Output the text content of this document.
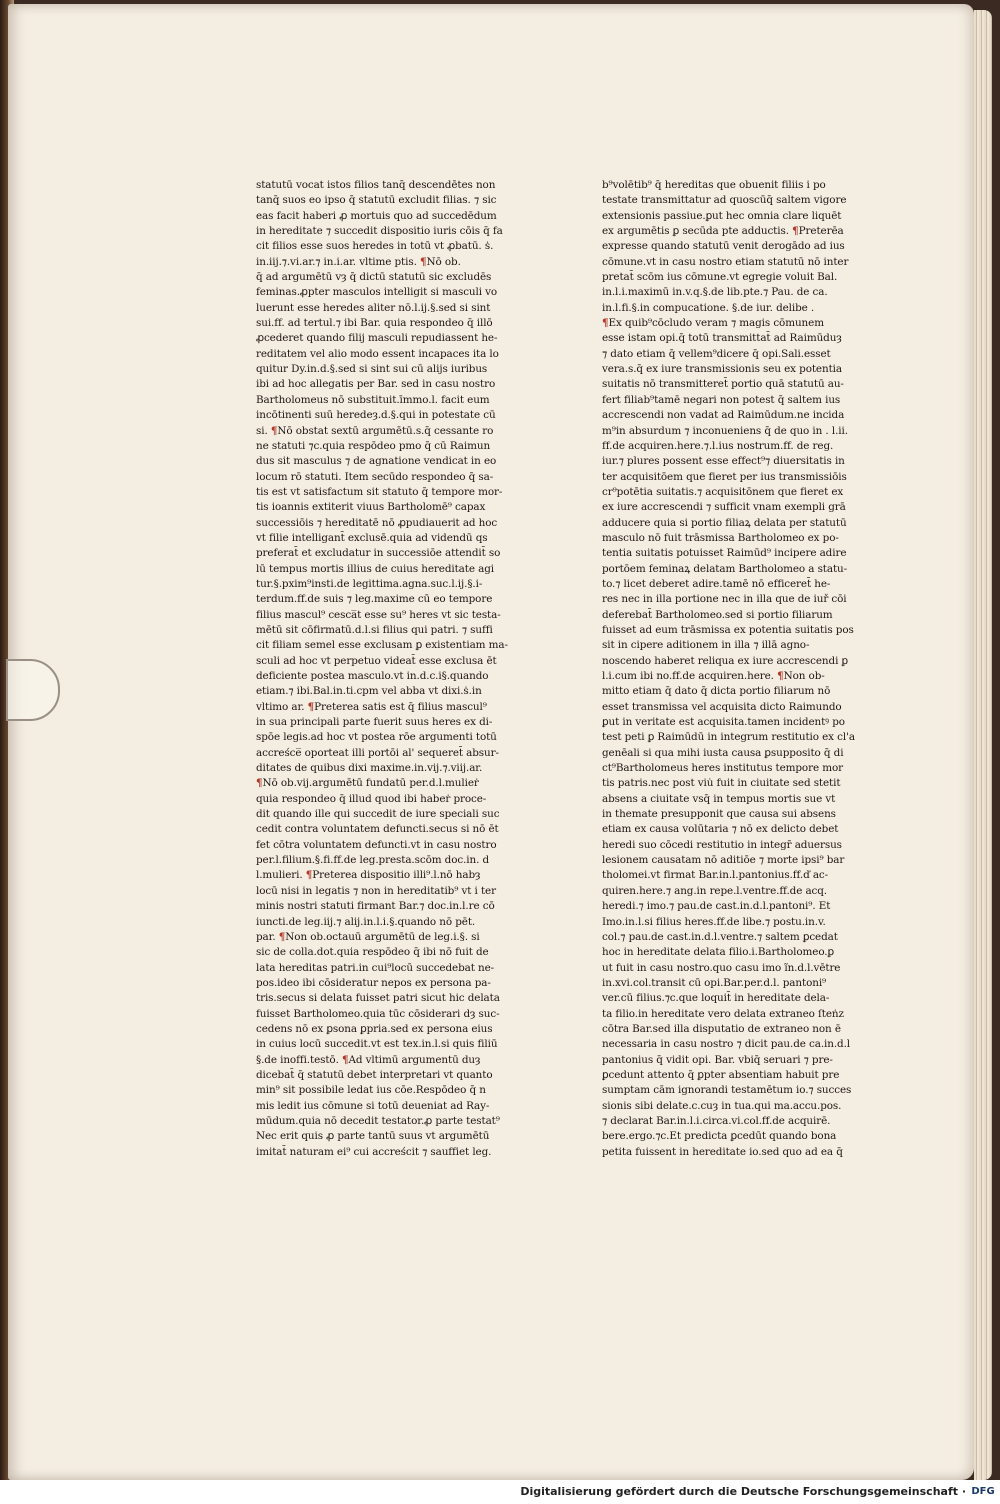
statutū vocat istos filios tanq̄ descendētes non
tanq̄ suos eo ipso q̄ statutū excludit filias. ⁊ sic
eas facit haberi ꝓ mortuis quo ad succedēdum
in hereditate ⁊ succedit dispositio iuris cōis q̄ fa
cit filios esse suos heredes in totū vt ꝓbatū. ṡ.
in.iij.⁊.vi.ar.⁊ in.i.ar. vltime ptis. ¶Nō ob.
q̄ ad argumētū vȝ q̄ dictū statutū sic excludēs
feminas.ꝓpter masculos intelligit si masculi vo
luerunt esse heredes aliter nō.l.ij.§.sed si sint
sui.ff. ad tertul.⁊ ibi Bar. quia respondeo q̄ illō
ꝓcederet quando filij masculi repudiassent he-
reditatem vel alio modo essent incapaces ita lo
quitur Dy.in.d.§.sed si sint sui cū alijs iuribus
ibi ad hoc allegatis per Bar. sed in casu nostro
Bartholomeus nō substituit.īmmo.l. facit eum
incōtinenti suū heredeȝ.d.§.qui in potestate cū
si. ¶Nō obstat sextū argumētū.s.q̄ cessante ro
ne statuti ⁊c.quia respōdeo pmo q̄ cū Raimun
dus sit masculus ⁊ de agnatione vendicat in eo
locum rō statuti. Item secūdo respondeo q̄ sa-
tis est vt satisfactum sit statuto q̄ tempore mor-
tis ioannis extiterit viuus Bartholomē⁹ capax
successiōis ⁊ hereditatē nō ꝓpudiauerit ad hoc
vt filie intelligant̄ exclusē.quia ad videndū qs
preferat̄ et excludatur in successiōe attendit̄ so
lū tempus mortis illius de cuius hereditate agi
tur.§.pxim⁹insti.de legittima.agna.suc.l.ij.§.i-
terdum.ff.de suis ⁊ leg.maxime cū eo tempore
filius mascul⁹ cesca̅t esse su⁹ heres vt sic testa-
mētū sit cōfirmatū.d.l.si filius qui patri. ⁊ suffi
cit filiam semel esse exclusam ꝑ existentiam ma-
sculi ad hoc vt perpetuo videat̄ esse exclusa ēt
deficiente postea masculo.vt in.d.c.i§.quando
etiam.⁊ ibi.Bal.in.ti.cpm vel abba vt dixi.ṡ.in
vltimo ar. ¶Preterea satis est q̄ filius mascul⁹
in sua principali parte fuerit suus heres ex di-
spōe legis.ad hoc vt postea rōe argumenti totū
accreśce̅ oporteat illi portōi al' sequeret̄ absur-
ditates de quibus dixi maxime.in.vij.⁊.viij.ar.
¶Nō ob.vij.argumētū fundatū per.d.l.mulieṙ
quia respondeo q̄ illud quod ibi habeṙ proce-
dit quando ille qui succedit de iure speciali suc
cedit contra voluntatem defuncti.secus si nō ēt
fet cōtra voluntatem defuncti.vt in casu nostro
per.l.filium.§.fi.ff.de leg.presta.scōm doc.in. d
l.mulieri. ¶Preterea dispositio illi⁹.l.nō habȝ
locū nisi in legatis ⁊ non in hereditatib⁹ vt i ter
minis nostri statuti firmant Bar.⁊ doc.in.l.re cō
iuncti.de leg.iij.⁊ alij.in.l.i.§.quando nō pēt.
par. ¶Non ob.octauū argumētū de leg.i.§. si
sic de colla.dot.quia respōdeo q̄ ibi nō fuit de
lata hereditas patri.in cui⁹locū succedebat ne-
pos.ideo ibi cōsideratur nepos ex persona pa-
tris.secus si delata fuisset patri sicut hic delata
fuisset Bartholomeo.quia tūc cōsiderari dȝ suc-
cedens nō ex ꝑsona ꝑpria.sed ex persona eius
in cuius locū succedit.vt est tex.in.l.si quis filiū
§.de inoffi.testō. ¶Ad vltimū argumentū duȝ
dicebat̄ q̄ statutū debet interpretari vt quanto
min⁹ sit possibile ledat ius cōe.Respōdeo q̄ n
mis ledit ius cōmune si totū deueniat ad Ray-
mūdum.quia nō decedit testator.ꝓ parte testat⁹
Nec erit quis ꝓ parte tantū suus vt argumētū
imitat̄ naturam ei⁹ cui accreścit ⁊ sauffiet leg.
b⁹volētib⁹ q̄ hereditas que obuenit filiis i po
testate transmittatur ad quoscūq̄ saltem vigore
extensionis passiue.ꝑut hec omnia clare liquēt
ex argumētis ꝑ secūda pte adductis. ¶Preterēa
expresse quando statutū venit derogādo ad ius
cōmune.vt in casu nostro etiam statutū nō inter
pretat̄ scōm ius cōmune.vt egregie voluit Bal.
in.l.i.maximū in.v.q.§.de lib.pte.⁊ Pau. de ca.
in.l.fi.§.in compucatione. §.de iur. delibe .
¶Ex quib⁹cōcludo veram ⁊ magis cōmunem
esse istam opi.q̄ totū transmittat̄ ad Raimūduȝ
⁊ dato etiam q̄ vellem⁹dicere q̄ opi.Sali.esset
vera.s.q̄ ex iure transmissionis seu ex potentia
suitatis nō transmitteret̄ portio quā statutū au-
fert filiab⁹tamē negari non potest q̄ saltem ius
accrescendi non vadat ad Raimūdum.ne incida
m⁹in absurdum ⁊ inconueniens q̄ de quo in . l.ii.
ff.de acquiren.here.⁊.l.ius nostrum.ff. de reg.
iur.⁊ plures possent esse effect⁹⁊ diuersitatis in
ter acquisitōem que fieret per ius transmissiōis
cr⁹potētia suitatis.⁊ acquisitōnem que fieret ex
ex iure accrescendi ⁊ sufficit vnam exempli grā
adducere quia si portio filiaꝝ delata per statutū
masculo nō fuit trāsmissa Bartholomeo ex po-
tentia suitatis potuisset Raimūd⁹ incipere adire
portōem feminaꝝ delatam Bartholomeo a statu-
to.⁊ licet deberet adire.tamē nō efficeret̄ he-
res nec in illa portione nec in illa que de iuř cōi
deferebat̄ Bartholomeo.sed si portio filiarum
fuisset ad eum trāsmissa ex potentia suitatis pos
sit in cipere aditionem in illa ⁊ illā agno-
noscendo haberet reliqua ex iure accrescendi ꝑ
l.i.cum ibi no.ff.de acquiren.here. ¶Non ob-
mitto etiam q̄ dato q̄ dicta portio filiarum nō
esset transmissa vel acquisita dicto Raimundo
ꝑut in veritate est acquisita.tamen incidentꝰ po
test peti ꝑ Raimūdū in integrum restitutio ex cl'a
genēali si qua mihi iusta causa ꝑsupposito q̄ di
ct⁹Bartholomeus heres institutus tempore mor
tis patris.nec post viu̇ fuit in ciuitate sed stetit
absens a ciuitate vsq̄ in tempus mortis sue vt
in themate presupponit que causa sui absens
etiam ex causa volūtaria ⁊ nō ex delicto debet
heredi suo cōcedi restitutio in integr̄ aduersus
lesionem causatam nō aditiōe ⁊ morte ipsi⁹ bar
tholomei.vt firmat Bar.in.l.pantonius.ff.ď ac-
quiren.here.⁊ ang.in repe.l.ventre.ff.de acq.
heredi.⁊ imo.⁊ pau.de cast.in.d.l.pantoni⁹. Et
Imo.in.l.si filius heres.ff.de libe.⁊ postu.in.v.
col.⁊ pau.de cast.in.d.l.ventre.⁊ saltem ꝑcedat
hoc in hereditate delata filio.i.Bartholomeo.ꝑ
ut fuit in casu nostro.quo casu imo ĩn.d.l.vētre
in.xvi.col.transit cū opi.Bar.per.d.l. pantoni⁹
ver.cū filius.⁊c.que loquit̄ in hereditate dela-
ta filio.in hereditate vero delata extraneo ſteṅz
cōtra Bar.sed illa disputatio de extraneo non ē
necessaria in casu nostro ⁊ dicit pau.de ca.in.d.l
pantonius q̄ vidit opi. Bar. vbiq̄ seruari ⁊ pre-
ꝑcedunt attento q̄ ꝑpter absentiam habuit pre
sumptam cām ignorandi testamētum io.⁊ succes
sionis sibi delate.c.cuȝ in tua.qui ma.accu.pos.
⁊ declarat Bar.in.l.i.circa.vi.col.ff.de acquirē.
bere.ergo.⁊c.Et predicta ꝑcedūt quando bona
petita fuissent in hereditate io.sed quo ad ea q̄
Digitalisierung gefördert durch die Deutsche Forschungsgemeinschaft · DFG
